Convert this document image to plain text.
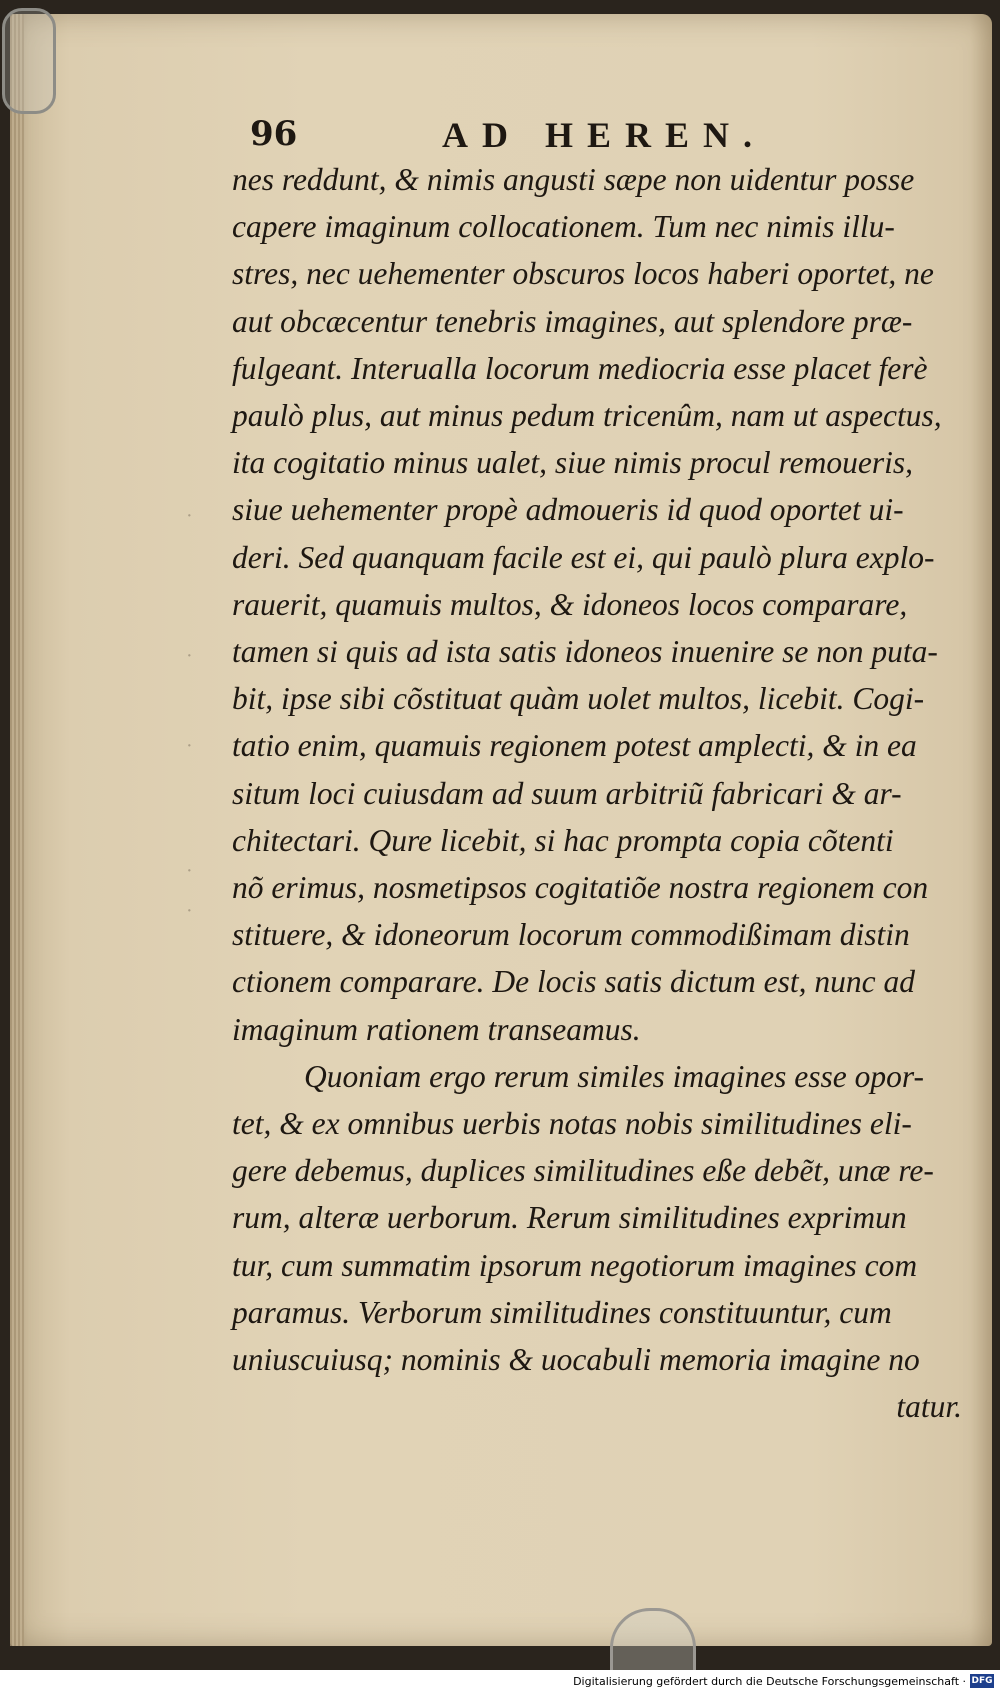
·
·
·
·
·
96	AD HEREN.
nes reddunt, & nimis angusti sæpe non uidentur posse
capere imaginum collocationem. Tum nec nimis illu-
stres, nec uehementer obscuros locos haberi oportet, ne
aut obcæcentur tenebris imagines, aut splendore præ-
fulgeant. Interualla locorum mediocria esse placet ferè
paulò plus, aut minus pedum tricenûm, nam ut aspectus,
ita cogitatio minus ualet, siue nimis procul remoueris,
siue uehementer propè admoueris id quod oportet ui-
deri. Sed quanquam facile est ei, qui paulò plura explo-
rauerit, quamuis multos, & idoneos locos comparare,
tamen si quis ad ista satis idoneos inuenire se non puta-
bit, ipse sibi cõstituat quàm uolet multos, licebit. Cogi-
tatio enim, quamuis regionem potest amplecti, & in ea
situm loci cuiusdam ad suum arbitriũ fabricari & ar-
chitectari. Qure licebit, si hac prompta copia cõtenti
nõ erimus, nosmetipsos cogitatiõe nostra regionem con
stituere, & idoneorum locorum commodißimam distin
ctionem comparare. De locis satis dictum est, nunc ad
imaginum rationem transeamus.
Quoniam ergo rerum similes imagines esse opor-
tet, & ex omnibus uerbis notas nobis similitudines eli-
gere debemus, duplices similitudines eße debẽt, unæ re-
rum, alteræ uerborum. Rerum similitudines exprimun
tur, cum summatim ipsorum negotiorum imagines com
paramus. Verborum similitudines constituuntur, cum
uniuscuiusq; nominis & uocabuli memoria imagine no
tatur.
Digitalisierung gefördert durch die Deutsche Forschungsgemeinschaft · DFG
